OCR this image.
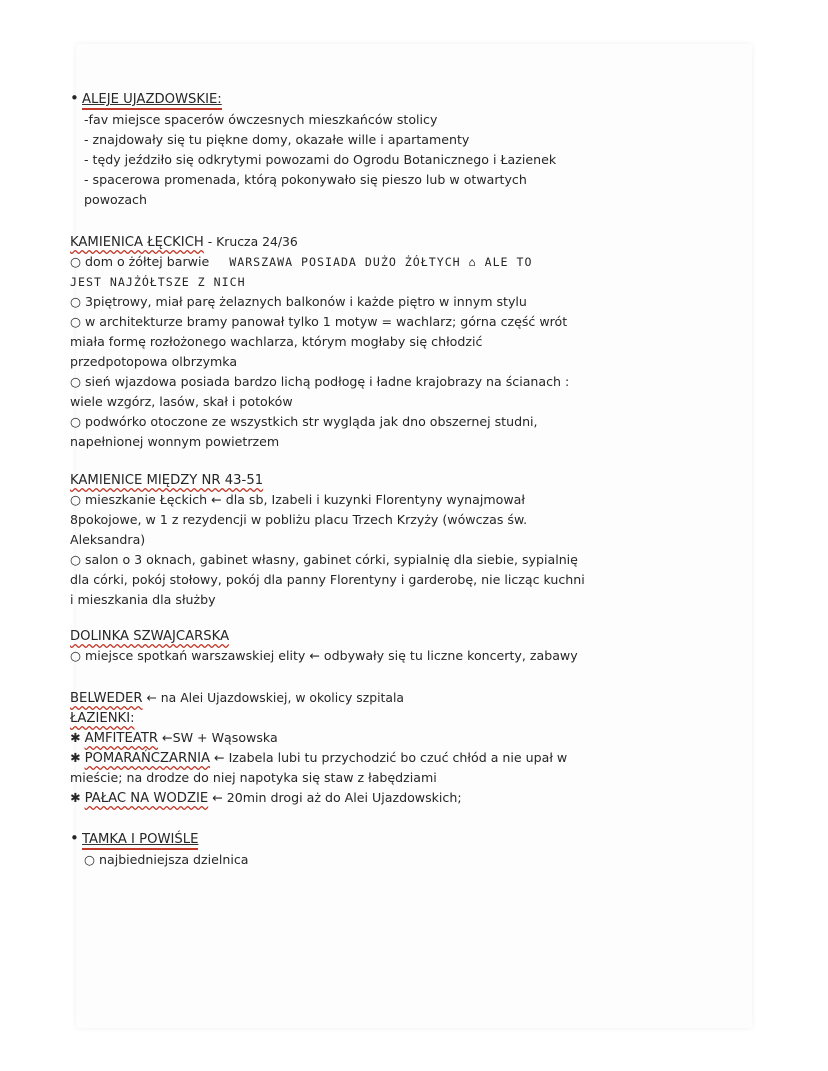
• ALEJE UJAZDOWSKIE:
-fav miejsce spacerów ówczesnych mieszkańców stolicy
- znajdowały się tu piękne domy, okazałe wille i apartamenty
- tędy jeździło się odkrytymi powozami do Ogrodu Botanicznego i Łazienek
- spacerowa promenada, którą pokonywało się pieszo lub w otwartych
powozach
KAMIENICA ŁĘCKICH - Krucza 24/36
○ dom o żółtej barwie WARSZAWA POSIADA DUŻO ŻÓŁTYCH ⌂ ALE TO
JEST NAJŻÓŁTSZE Z NICH
○ 3piętrowy, miał parę żelaznych balkonów i każde piętro w innym stylu
○ w architekturze bramy panował tylko 1 motyw = wachlarz; górna część wrót
miała formę rozłożonego wachlarza, którym mogłaby się chłodzić
przedpotopowa olbrzymka
○ sień wjazdowa posiada bardzo lichą podłogę i ładne krajobrazy na ścianach :
wiele wzgórz, lasów, skał i potoków
○ podwórko otoczone ze wszystkich str wygląda jak dno obszernej studni,
napełnionej wonnym powietrzem
KAMIENICE MIĘDZY NR 43-51
○ mieszkanie Łęckich ← dla sb, Izabeli i kuzynki Florentyny wynajmował
8pokojowe, w 1 z rezydencji w pobliżu placu Trzech Krzyży (wówczas św.
Aleksandra)
○ salon o 3 oknach, gabinet własny, gabinet córki, sypialnię dla siebie, sypialnię
dla córki, pokój stołowy, pokój dla panny Florentyny i garderobę, nie licząc kuchni
i mieszkania dla służby
DOLINKA SZWAJCARSKA
○ miejsce spotkań warszawskiej elity ← odbywały się tu liczne koncerty, zabawy
BELWEDER ← na Alei Ujazdowskiej, w okolicy szpitala
ŁAZIENKI:
✱ AMFITEATR ←SW + Wąsowska
✱ POMARAŃCZARNIA ← Izabela lubi tu przychodzić bo czuć chłód a nie upał w
mieście; na drodze do niej napotyka się staw z łabędziami
✱ PAŁAC NA WODZIE ← 20min drogi aż do Alei Ujazdowskich;
• TAMKA I POWIŚLE
○ najbiedniejsza dzielnica
